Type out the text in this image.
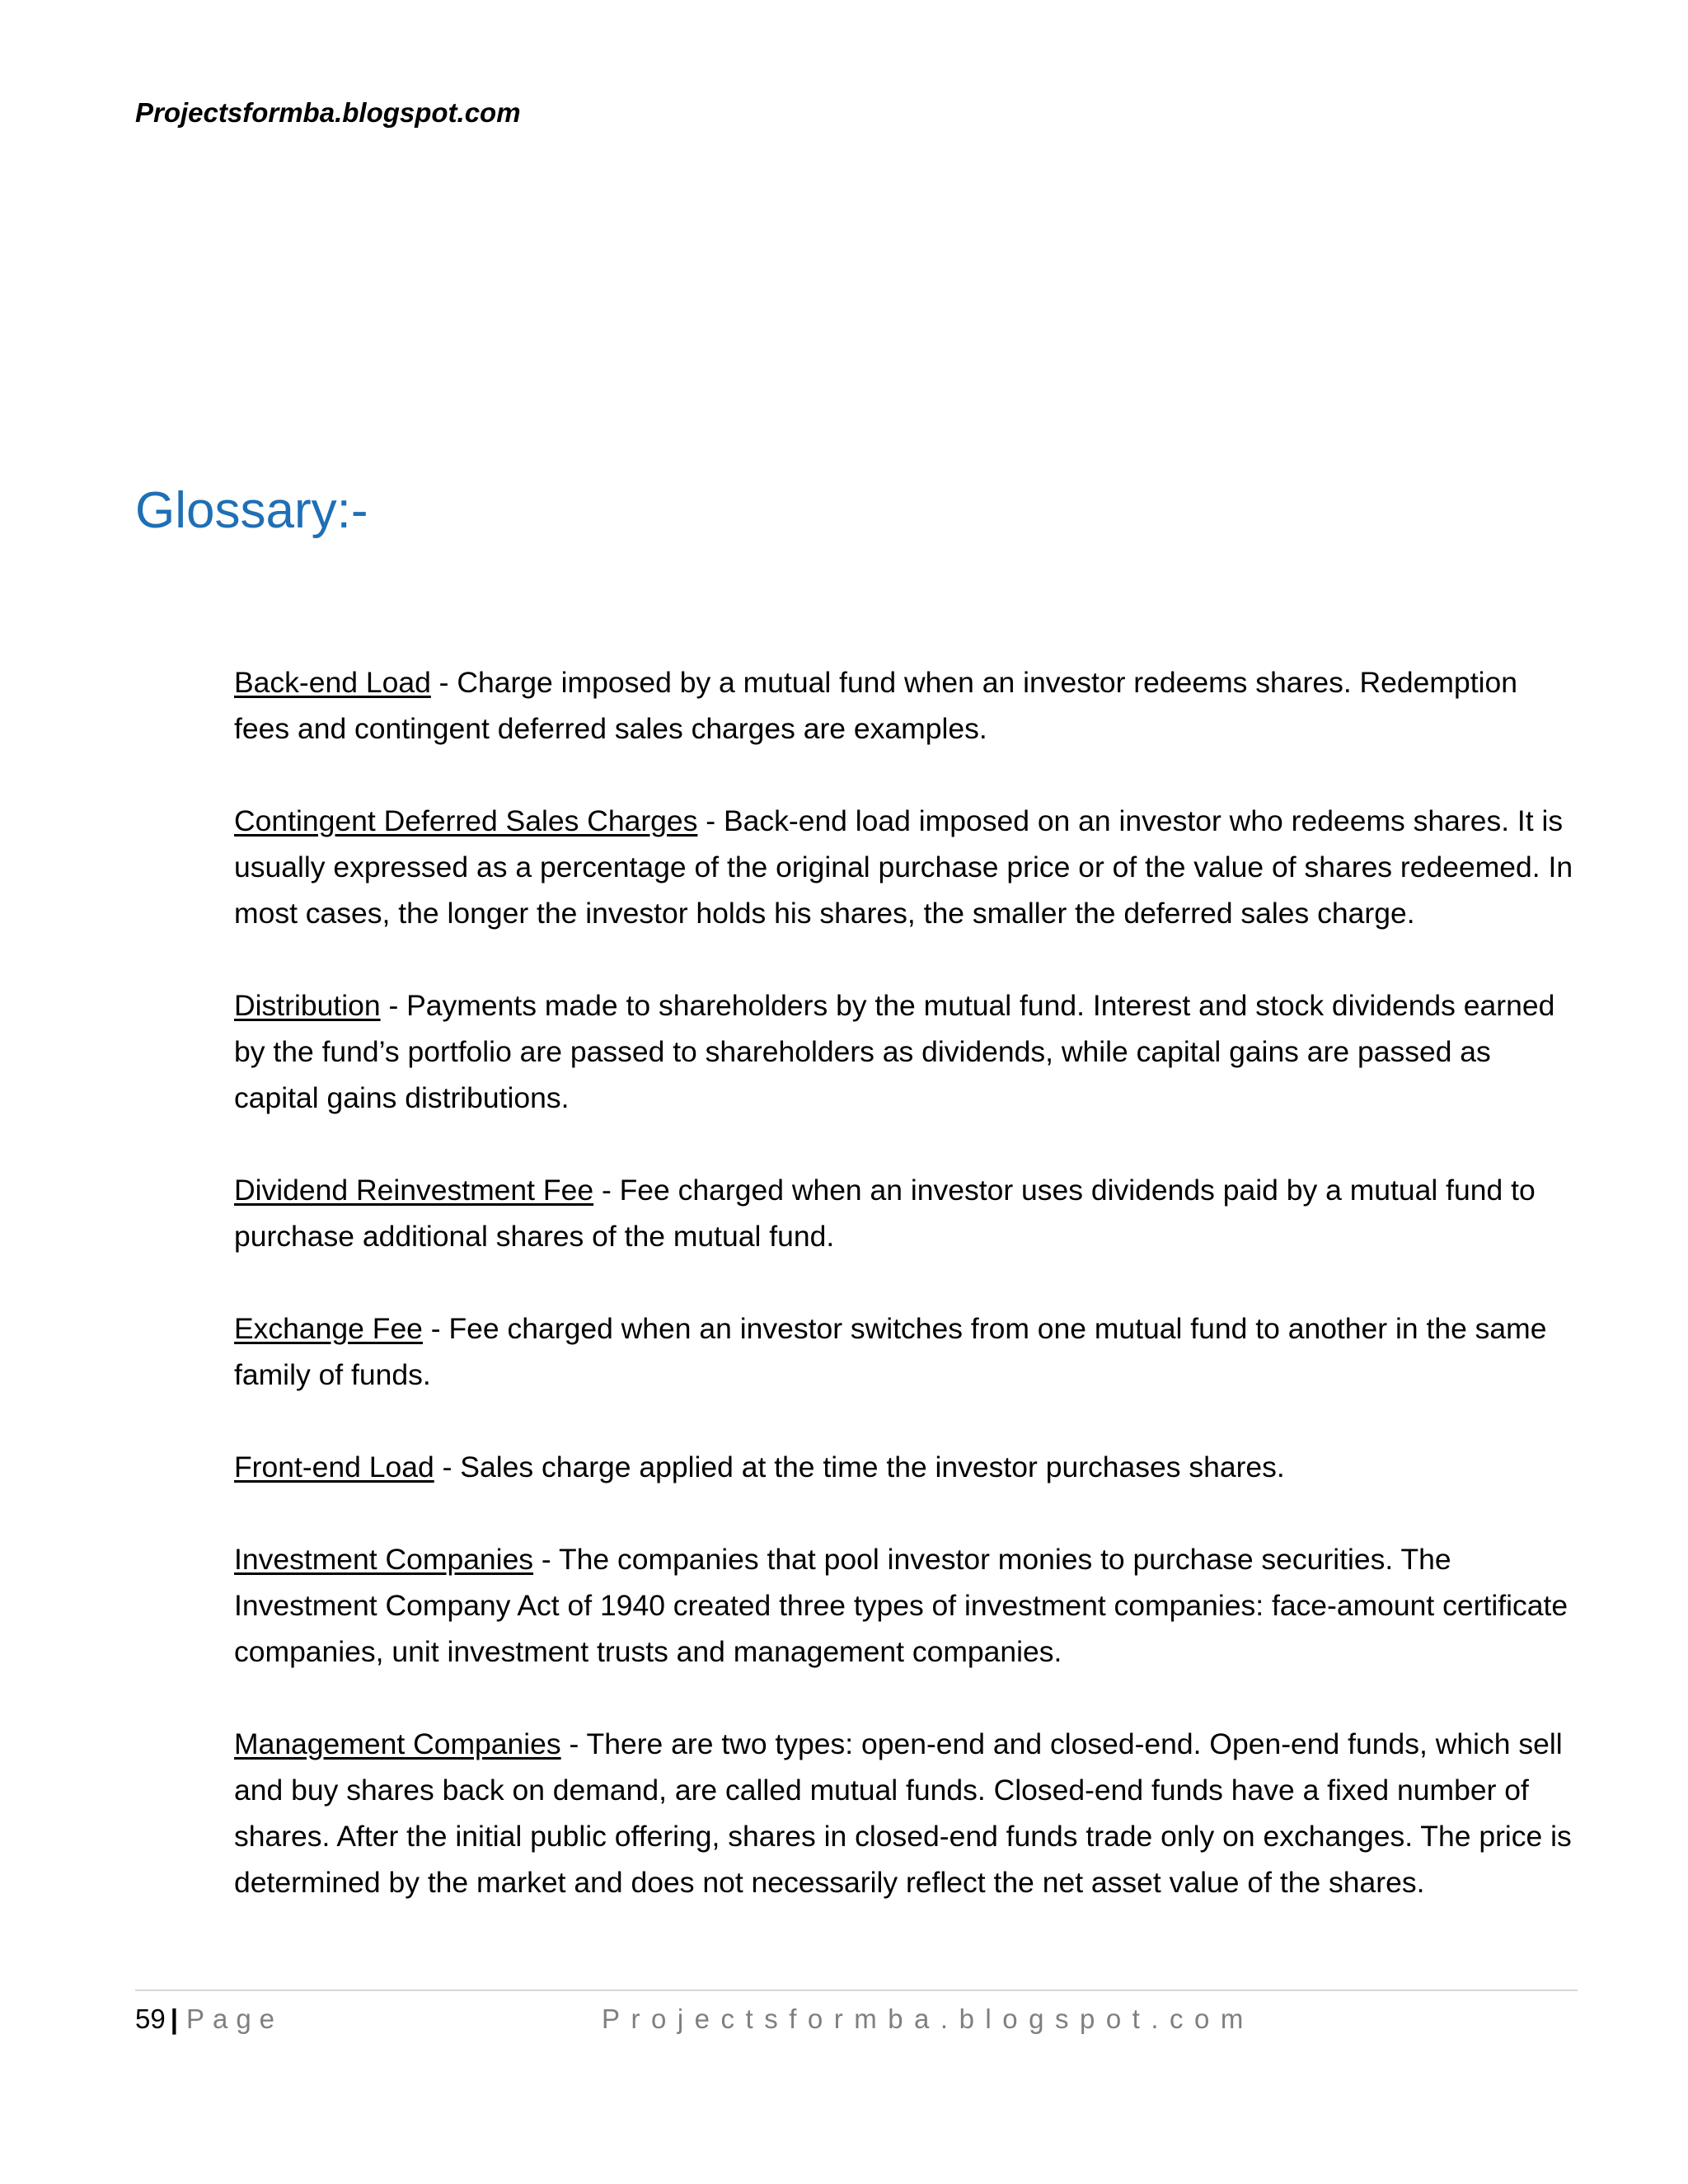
Projectsformba.blogspot.com
Glossary:-

Back-end Load - Charge imposed by a mutual fund when an investor redeems shares. Redemption fees and contingent deferred sales charges are examples.

Contingent Deferred Sales Charges - Back-end load imposed on an investor who redeems shares. It is usually expressed as a percentage of the original purchase price or of the value of shares redeemed. In most cases, the longer the investor holds his shares, the smaller the deferred sales charge.

Distribution - Payments made to shareholders by the mutual fund. Interest and stock dividends earned by the fund’s portfolio are passed to shareholders as dividends, while capital gains are passed as capital gains distributions.

Dividend Reinvestment Fee - Fee charged when an investor uses dividends paid by a mutual fund to purchase additional shares of the mutual fund.

Exchange Fee - Fee charged when an investor switches from one mutual fund to another in the same family of funds.

Front-end Load - Sales charge applied at the time the investor purchases shares.

Investment Companies - The companies that pool investor monies to purchase securities. The Investment Company Act of 1940 created three types of investment companies: face-amount certificate companies, unit investment trusts and management companies.

Management Companies - There are two types: open-end and closed-end. Open-end funds, which sell and buy shares back on demand, are called mutual funds. Closed-end funds have a fixed number of shares. After the initial public offering, shares in closed-end funds trade only on exchanges. The price is determined by the market and does not necessarily reflect the net asset value of the shares.

59 | Page	Projectsformba.blogspot.com
